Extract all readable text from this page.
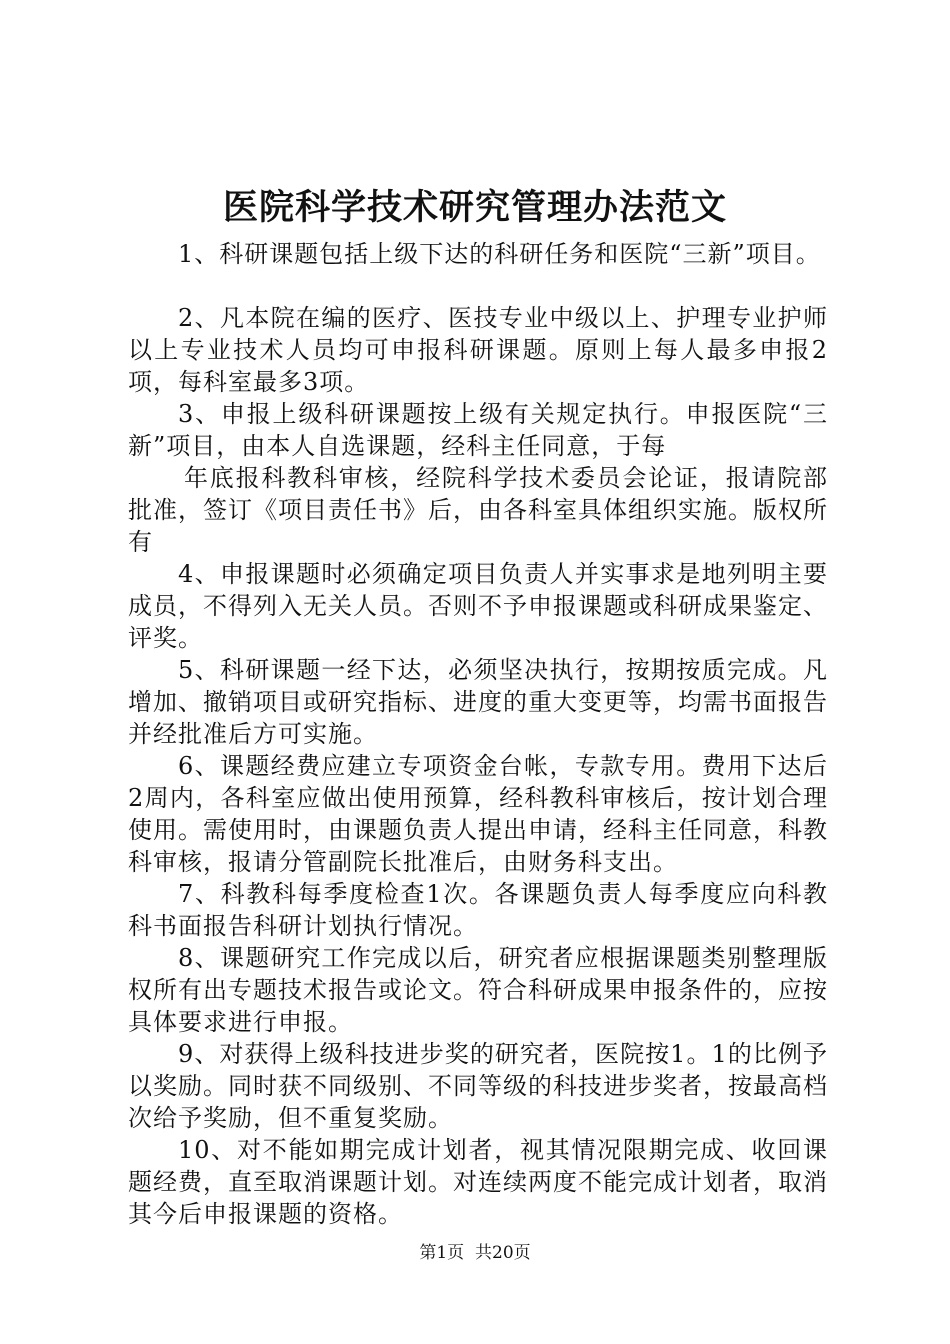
医院科学技术研究管理办法范文

1、科研课题包括上级下达的科研任务和医院“三新”项目。

2、凡本院在编的医疗、医技专业中级以上、护理专业护师以上专业技术人员均可申报科研课题。原则上每人最多申报2项，每科室最多3项。

3、申报上级科研课题按上级有关规定执行。申报医院“三新”项目，由本人自选课题，经科主任同意，于每

年底报科教科审核，经院科学技术委员会论证，报请院部批准，签订《项目责任书》后，由各科室具体组织实施。版权所有

4、申报课题时必须确定项目负责人并实事求是地列明主要成员，不得列入无关人员。否则不予申报课题或科研成果鉴定、评奖。

5、科研课题一经下达，必须坚决执行，按期按质完成。凡增加、撤销项目或研究指标、进度的重大变更等，均需书面报告并经批准后方可实施。

6、课题经费应建立专项资金台帐，专款专用。费用下达后2周内，各科室应做出使用预算，经科教科审核后，按计划合理使用。需使用时，由课题负责人提出申请，经科主任同意，科教科审核，报请分管副院长批准后，由财务科支出。

7、科教科每季度检查1次。各课题负责人每季度应向科教科书面报告科研计划执行情况。

8、课题研究工作完成以后，研究者应根据课题类别整理版权所有出专题技术报告或论文。符合科研成果申报条件的，应按具体要求进行申报。

9、对获得上级科技进步奖的研究者，医院按1。1的比例予以奖励。同时获不同级别、不同等级的科技进步奖者，按最高档次给予奖励，但不重复奖励。

10、对不能如期完成计划者，视其情况限期完成、收回课题经费，直至取消课题计划。对连续两度不能完成计划者，取消其今后申报课题的资格。

第1页 共20页
